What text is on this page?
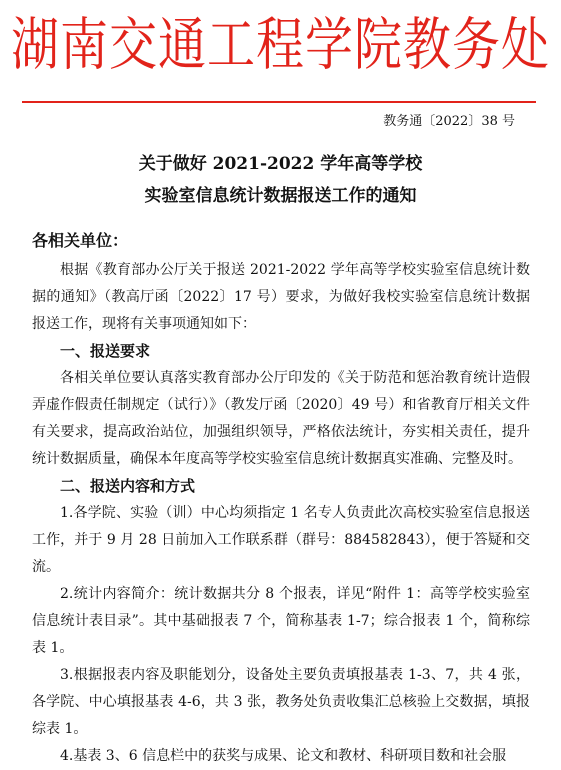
湖南交通工程学院教务处
教务通〔2022〕38 号
关于做好 2021-2022 学年高等学校
实验室信息统计数据报送工作的通知
各相关单位：

根据《教育部办公厅关于报送 2021-2022 学年高等学校实验室信息统计数据的通知》（教高厅函〔2022〕17 号）要求，为做好我校实验室信息统计数据报送工作，现将有关事项通知如下：

一、报送要求

各相关单位要认真落实教育部办公厅印发的《关于防范和惩治教育统计造假弄虚作假责任制规定（试行）》（教发厅函〔2020〕49 号）和省教育厅相关文件有关要求，提高政治站位，加强组织领导，严格依法统计，夯实相关责任，提升统计数据质量，确保本年度高等学校实验室信息统计数据真实准确、完整及时。

二、报送内容和方式

1.各学院、实验（训）中心均须指定 1 名专人负责此次高校实验室信息报送工作，并于 9 月 28 日前加入工作联系群（群号：884582843），便于答疑和交流。

2.统计内容简介：统计数据共分 8 个报表，详见“附件 1：高等学校实验室信息统计表目录”。其中基础报表 7 个，简称基表 1-7；综合报表 1 个，简称综表 1。

3.根据报表内容及职能划分，设备处主要负责填报基表 1-3、7，共 4 张，各学院、中心填报基表 4-6，共 3 张，教务处负责收集汇总核验上交数据，填报综表 1。

4.基表 3、6 信息栏中的获奖与成果、论文和教材、科研项目数和社会服
